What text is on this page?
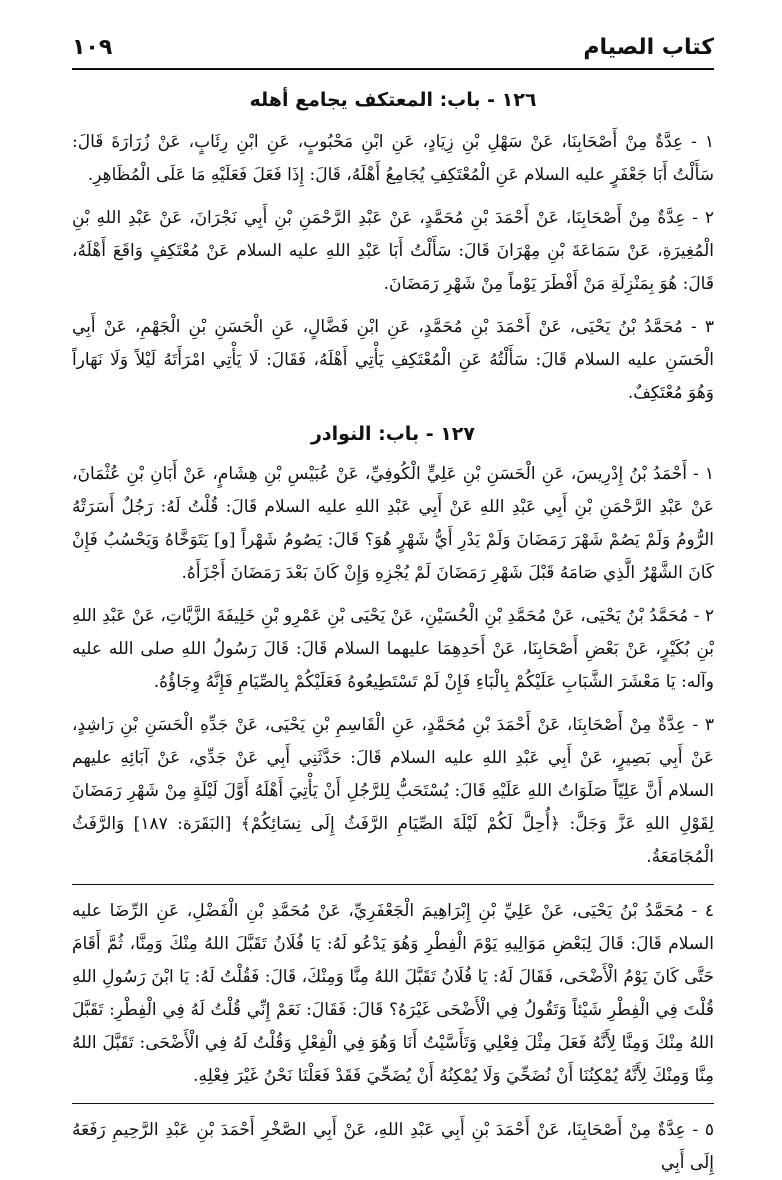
كتاب الصيام
١٠٩
١٢٦ - باب: المعتكف يجامع أهله

١ - عِدَّةٌ مِنْ أَصْحَابِنَا، عَنْ سَهْلِ بْنِ زِيَادٍ، عَنِ ابْنِ مَحْبُوبٍ، عَنِ ابْنِ رِئَابٍ، عَنْ زُرَارَةَ قَالَ: سَأَلْتُ أَبَا جَعْفَرٍ عليه السلام عَنِ الْمُعْتَكِفِ يُجَامِعُ أَهْلَهُ، قَالَ: إِذَا فَعَلَ فَعَلَيْهِ مَا عَلَى الْمُظَاهِرِ.

٢ - عِدَّةٌ مِنْ أَصْحَابِنَا، عَنْ أَحْمَدَ بْنِ مُحَمَّدٍ، عَنْ عَبْدِ الرَّحْمَنِ بْنِ أَبِي نَجْرَانَ، عَنْ عَبْدِ اللهِ بْنِ الْمُغِيرَةِ، عَنْ سَمَاعَةَ بْنِ مِهْرَانَ قَالَ: سَأَلْتُ أَبَا عَبْدِ اللهِ عليه السلام عَنْ مُعْتَكِفٍ وَاقَعَ أَهْلَهُ، قَالَ: هُوَ بِمَنْزِلَةِ مَنْ أَفْطَرَ يَوْماً مِنْ شَهْرِ رَمَضَانَ.

٣ - مُحَمَّدُ بْنُ يَحْيَى، عَنْ أَحْمَدَ بْنِ مُحَمَّدٍ، عَنِ ابْنِ فَضَّالٍ، عَنِ الْحَسَنِ بْنِ الْجَهْمِ، عَنْ أَبِي الْحَسَنِ عليه السلام قَالَ: سَأَلْتُهُ عَنِ الْمُعْتَكِفِ يَأْتِي أَهْلَهُ، فَقَالَ: لَا يَأْتِي امْرَأَتَهُ لَيْلاً وَلَا نَهَاراً وَهُوَ مُعْتَكِفٌ.

١٢٧ - باب: النوادر

١ - أَحْمَدُ بْنُ إِدْرِيسَ، عَنِ الْحَسَنِ بْنِ عَلِيٍّ الْكُوفِيِّ، عَنْ عُبَيْسِ بْنِ هِشَامٍ، عَنْ أَبَانِ بْنِ عُثْمَانَ، عَنْ عَبْدِ الرَّحْمَنِ بْنِ أَبِي عَبْدِ اللهِ عَنْ أَبِي عَبْدِ اللهِ عليه السلام قَالَ: قُلْتُ لَهُ: رَجُلٌ أَسَرَتْهُ الرُّومُ وَلَمْ يَصُمْ شَهْرَ رَمَضَانَ وَلَمْ يَدْرِ أَيُّ شَهْرٍ هُوَ؟ قَالَ: يَصُومُ شَهْراً [و] يَتَوَخَّاهُ وَيَحْسُبُ فَإِنْ كَانَ الشَّهْرُ الَّذِي صَامَهُ قَبْلَ شَهْرِ رَمَضَانَ لَمْ يُجْزِهِ وَإِنْ كَانَ بَعْدَ رَمَضَانَ أَجْزَأَهُ.

٢ - مُحَمَّدُ بْنُ يَحْيَى، عَنْ مُحَمَّدِ بْنِ الْحُسَيْنِ، عَنْ يَحْيَى بْنِ عَمْرِو بْنِ خَلِيفَةَ الزَّيَّاتِ، عَنْ عَبْدِ اللهِ بْنِ بُكَيْرٍ، عَنْ بَعْضِ أَصْحَابِنَا، عَنْ أَحَدِهِمَا عليهما السلام قَالَ: قَالَ رَسُولُ اللهِ صلى الله عليه وآله: يَا مَعْشَرَ الشَّبَابِ عَلَيْكُمْ بِالْبَاءِ فَإِنْ لَمْ تَسْتَطِيعُوهُ فَعَلَيْكُمْ بِالصِّيَامِ فَإِنَّهُ وِجَاؤُهُ.

٣ - عِدَّةٌ مِنْ أَصْحَابِنَا، عَنْ أَحْمَدَ بْنِ مُحَمَّدٍ، عَنِ الْقَاسِمِ بْنِ يَحْيَى، عَنْ جَدِّهِ الْحَسَنِ بْنِ رَاشِدٍ، عَنْ أَبِي بَصِيرٍ، عَنْ أَبِي عَبْدِ اللهِ عليه السلام قَالَ: حَدَّثَنِي أَبِي عَنْ جَدِّي، عَنْ آبَائِهِ عليهم السلام أَنَّ عَلِيّاً صَلَوَاتُ اللهِ عَلَيْهِ قَالَ: يُسْتَحَبُّ لِلرَّجُلِ أَنْ يَأْتِيَ أَهْلَهُ أَوَّلَ لَيْلَةٍ مِنْ شَهْرِ رَمَضَانَ لِقَوْلِ اللهِ عَزَّ وَجَلَّ: ﴿أُحِلَّ لَكُمْ لَيْلَةَ الصِّيَامِ الرَّفَثُ إِلَى نِسَائِكُمْ﴾ [البَقَرَة: ١٨٧] وَالرَّفَثُ الْمُجَامَعَةُ.

٤ - مُحَمَّدُ بْنُ يَحْيَى، عَنْ عَلِيِّ بْنِ إِبْرَاهِيمَ الْجَعْفَرِيِّ، عَنْ مُحَمَّدِ بْنِ الْفَضْلِ، عَنِ الرِّضَا عليه السلام قَالَ: قَالَ لِبَعْضِ مَوَالِيهِ يَوْمَ الْفِطْرِ وَهُوَ يَدْعُو لَهُ: يَا فُلَانُ تَقَبَّلَ اللهُ مِنْكَ وَمِنَّا، ثُمَّ أَقَامَ حَتَّى كَانَ يَوْمُ الْأَضْحَى، فَقَالَ لَهُ: يَا فُلَانُ تَقَبَّلَ اللهُ مِنَّا وَمِنْكَ، قَالَ: فَقُلْتُ لَهُ: يَا ابْنَ رَسُولِ اللهِ قُلْتَ فِي الْفِطْرِ شَيْئاً وَتَقُولُ فِي الْأَضْحَى غَيْرَهُ؟ قَالَ: فَقَالَ: نَعَمْ إِنِّي قُلْتُ لَهُ فِي الْفِطْرِ: تَقَبَّلَ اللهُ مِنْكَ وَمِنَّا لِأَنَّهُ فَعَلَ مِثْلَ فِعْلِي وَتَأَسَّيْتُ أَنَا وَهُوَ فِي الْفِعْلِ وَقُلْتُ لَهُ فِي الْأَضْحَى: تَقَبَّلَ اللهُ مِنَّا وَمِنْكَ لِأَنَّهُ يُمْكِنُنَا أَنْ نُضَحِّيَ وَلَا يُمْكِنُهُ أَنْ يُضَحِّيَ فَقَدْ فَعَلْنَا نَحْنُ غَيْرَ فِعْلِهِ.

٥ - عِدَّةٌ مِنْ أَصْحَابِنَا، عَنْ أَحْمَدَ بْنِ أَبِي عَبْدِ اللهِ، عَنْ أَبِي الصَّخْرِ أَحْمَدَ بْنِ عَبْدِ الرَّحِيمِ رَفَعَهُ إِلَى أَبِي
